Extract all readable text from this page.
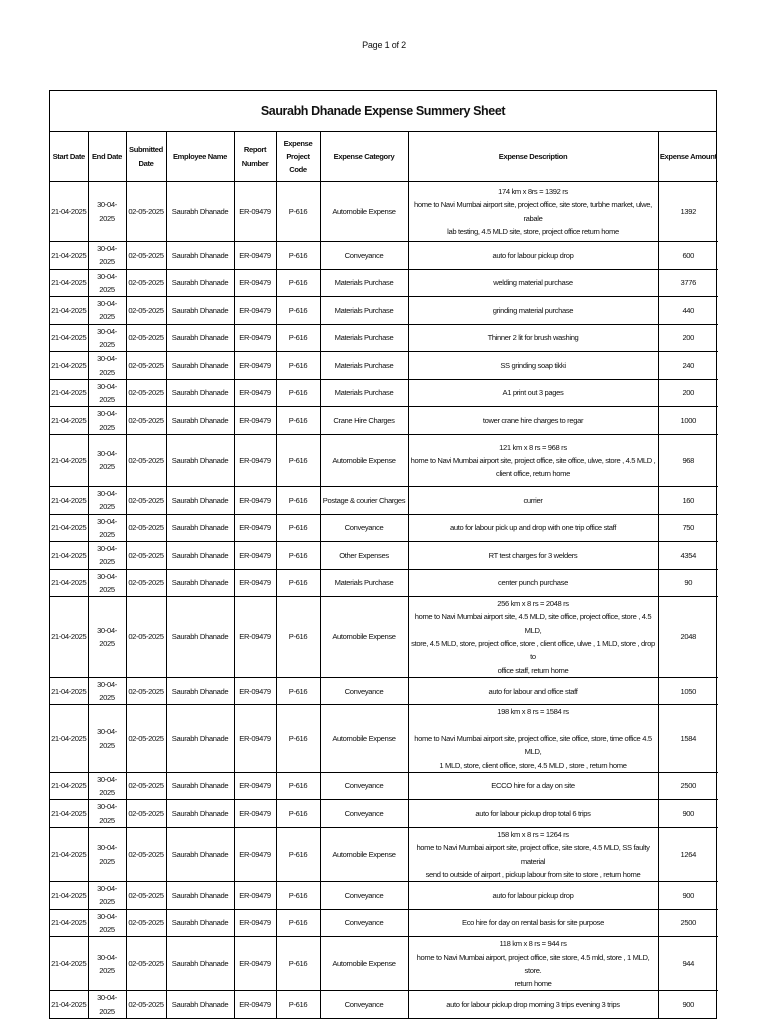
Page 1 of 2
Saurabh Dhanade Expense Summery Sheet
Start Date	End Date	Submitted Date	Employee Name	Report Number	Expense Project Code	Expense Category	Expense Description	Expense Amount
21-04-2025	30-04-2025	02-05-2025	Saurabh Dhanade	ER-09479	P-616	Automobile Expense	174 km x 8rs = 1392 rs
home to Navi Mumbai airport site, project office, site store, turbhe market, ulwe, rabale
lab testing, 4.5 MLD site, store, project office return home	1392
21-04-2025	30-04-2025	02-05-2025	Saurabh Dhanade	ER-09479	P-616	Conveyance	auto for labour pickup drop	600
21-04-2025	30-04-2025	02-05-2025	Saurabh Dhanade	ER-09479	P-616	Materials Purchase	welding material purchase	3776
21-04-2025	30-04-2025	02-05-2025	Saurabh Dhanade	ER-09479	P-616	Materials Purchase	grinding material purchase	440
21-04-2025	30-04-2025	02-05-2025	Saurabh Dhanade	ER-09479	P-616	Materials Purchase	Thinner 2 lit for brush washing	200
21-04-2025	30-04-2025	02-05-2025	Saurabh Dhanade	ER-09479	P-616	Materials Purchase	SS grinding soap tikki	240
21-04-2025	30-04-2025	02-05-2025	Saurabh Dhanade	ER-09479	P-616	Materials Purchase	A1 print out 3 pages	200
21-04-2025	30-04-2025	02-05-2025	Saurabh Dhanade	ER-09479	P-616	Crane Hire Charges	tower crane hire charges to regar	1000
21-04-2025	30-04-2025	02-05-2025	Saurabh Dhanade	ER-09479	P-616	Automobile Expense	121 km x 8 rs = 968 rs
home to Navi Mumbai airport site, project office, site office, ulwe, store , 4.5 MLD ,
client office, return home	968
21-04-2025	30-04-2025	02-05-2025	Saurabh Dhanade	ER-09479	P-616	Postage & courier Charges	currier	160
21-04-2025	30-04-2025	02-05-2025	Saurabh Dhanade	ER-09479	P-616	Conveyance	auto for labour pick up and drop with one trip office staff	750
21-04-2025	30-04-2025	02-05-2025	Saurabh Dhanade	ER-09479	P-616	Other Expenses	RT test charges for 3 welders	4354
21-04-2025	30-04-2025	02-05-2025	Saurabh Dhanade	ER-09479	P-616	Materials Purchase	center punch purchase	90
21-04-2025	30-04-2025	02-05-2025	Saurabh Dhanade	ER-09479	P-616	Automobile Expense	256 km x 8 rs = 2048 rs
home to Navi Mumbai airport site, 4.5 MLD, site office, project office, store , 4.5 MLD,
store, 4.5 MLD, store, project office, store , client office, ulwe , 1 MLD, store , drop to
office staff, return home	2048
21-04-2025	30-04-2025	02-05-2025	Saurabh Dhanade	ER-09479	P-616	Conveyance	auto for labour and office staff	1050
21-04-2025	30-04-2025	02-05-2025	Saurabh Dhanade	ER-09479	P-616	Automobile Expense	198 km x 8 rs = 1584 rs

home to Navi Mumbai airport site, project office, site office, store, time office 4.5 MLD,
1 MLD, store, client office, store, 4.5 MLD , store , return home	1584
21-04-2025	30-04-2025	02-05-2025	Saurabh Dhanade	ER-09479	P-616	Conveyance	ECCO hire for a day on site	2500
21-04-2025	30-04-2025	02-05-2025	Saurabh Dhanade	ER-09479	P-616	Conveyance	auto for labour pickup drop total 6 trips	900
21-04-2025	30-04-2025	02-05-2025	Saurabh Dhanade	ER-09479	P-616	Automobile Expense	158 km x 8 rs = 1264 rs
home to Navi Mumbai airport site, project office, site store, 4.5 MLD, SS faulty material
send to outside of airport , pickup labour from site to store , return home	1264
21-04-2025	30-04-2025	02-05-2025	Saurabh Dhanade	ER-09479	P-616	Conveyance	auto for labour pickup drop	900
21-04-2025	30-04-2025	02-05-2025	Saurabh Dhanade	ER-09479	P-616	Conveyance	Eco hire for day on rental basis for site purpose	2500
21-04-2025	30-04-2025	02-05-2025	Saurabh Dhanade	ER-09479	P-616	Automobile Expense	118 km x 8 rs = 944 rs
home to Navi Mumbai airport, project office, site store, 4.5 mld, store , 1 MLD, store.
return home	944
21-04-2025	30-04-2025	02-05-2025	Saurabh Dhanade	ER-09479	P-616	Conveyance	auto for labour pickup drop morning 3 trips evening 3 trips	900
